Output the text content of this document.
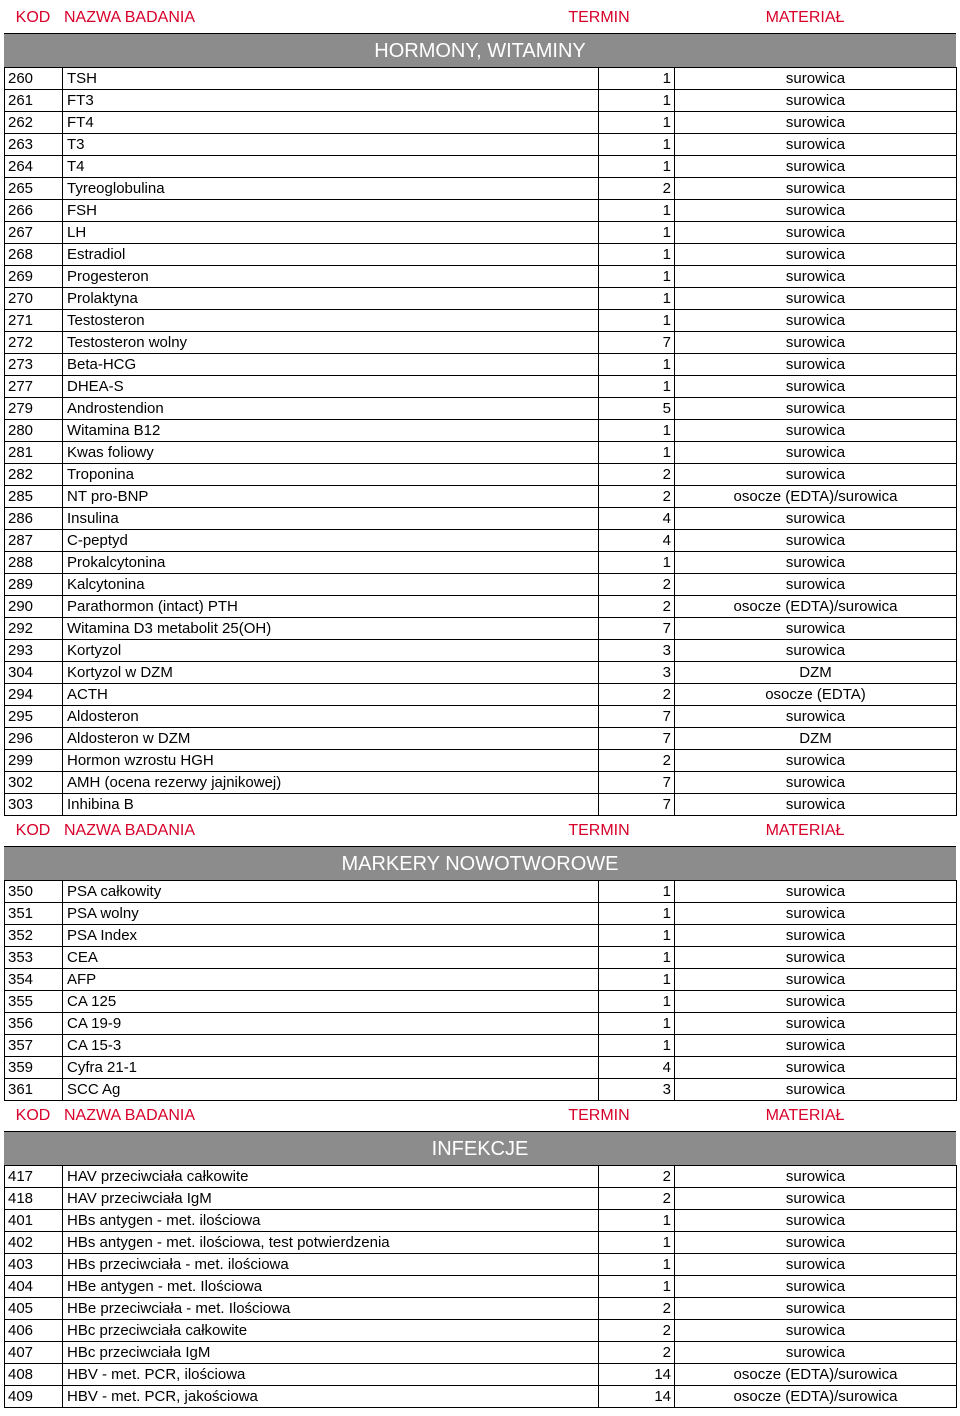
KOD NAZWA BADANIA	TERMIN	MATERIAŁ
HORMONY, WITAMINY
260	TSH	1	surowica
261	FT3	1	surowica
262	FT4	1	surowica
263	T3	1	surowica
264	T4	1	surowica
265	Tyreoglobulina	2	surowica
266	FSH	1	surowica
267	LH	1	surowica
268	Estradiol	1	surowica
269	Progesteron	1	surowica
270	Prolaktyna	1	surowica
271	Testosteron	1	surowica
272	Testosteron wolny	7	surowica
273	Beta-HCG	1	surowica
277	DHEA-S	1	surowica
279	Androstendion	5	surowica
280	Witamina B12	1	surowica
281	Kwas foliowy	1	surowica
282	Troponina	2	surowica
285	NT pro-BNP	2	osocze (EDTA)/surowica
286	Insulina	4	surowica
287	C-peptyd	4	surowica
288	Prokalcytonina	1	surowica
289	Kalcytonina	2	surowica
290	Parathormon (intact) PTH	2	osocze (EDTA)/surowica
292	Witamina D3 metabolit 25(OH)	7	surowica
293	Kortyzol	3	surowica
304	Kortyzol w DZM	3	DZM
294	ACTH	2	osocze (EDTA)
295	Aldosteron	7	surowica
296	Aldosteron w DZM	7	DZM
299	Hormon wzrostu HGH	2	surowica
302	AMH (ocena rezerwy jajnikowej)	7	surowica
303	Inhibina B	7	surowica
KOD NAZWA BADANIA	TERMIN	MATERIAŁ
MARKERY NOWOTWOROWE
350	PSA całkowity	1	surowica
351	PSA wolny	1	surowica
352	PSA Index	1	surowica
353	CEA	1	surowica
354	AFP	1	surowica
355	CA 125	1	surowica
356	CA 19-9	1	surowica
357	CA 15-3	1	surowica
359	Cyfra 21-1	4	surowica
361	SCC Ag	3	surowica
KOD NAZWA BADANIA	TERMIN	MATERIAŁ
INFEKCJE
417	HAV przeciwciała całkowite	2	surowica
418	HAV przeciwciała IgM	2	surowica
401	HBs antygen - met. ilościowa	1	surowica
402	HBs antygen - met. ilościowa, test potwierdzenia	1	surowica
403	HBs przeciwciała - met. ilościowa	1	surowica
404	HBe antygen - met. Ilościowa	1	surowica
405	HBe przeciwciała - met. Ilościowa	2	surowica
406	HBc przeciwciała całkowite	2	surowica
407	HBc przeciwciała IgM	2	surowica
408	HBV - met. PCR, ilościowa	14	osocze (EDTA)/surowica
409	HBV - met. PCR, jakościowa	14	osocze (EDTA)/surowica
